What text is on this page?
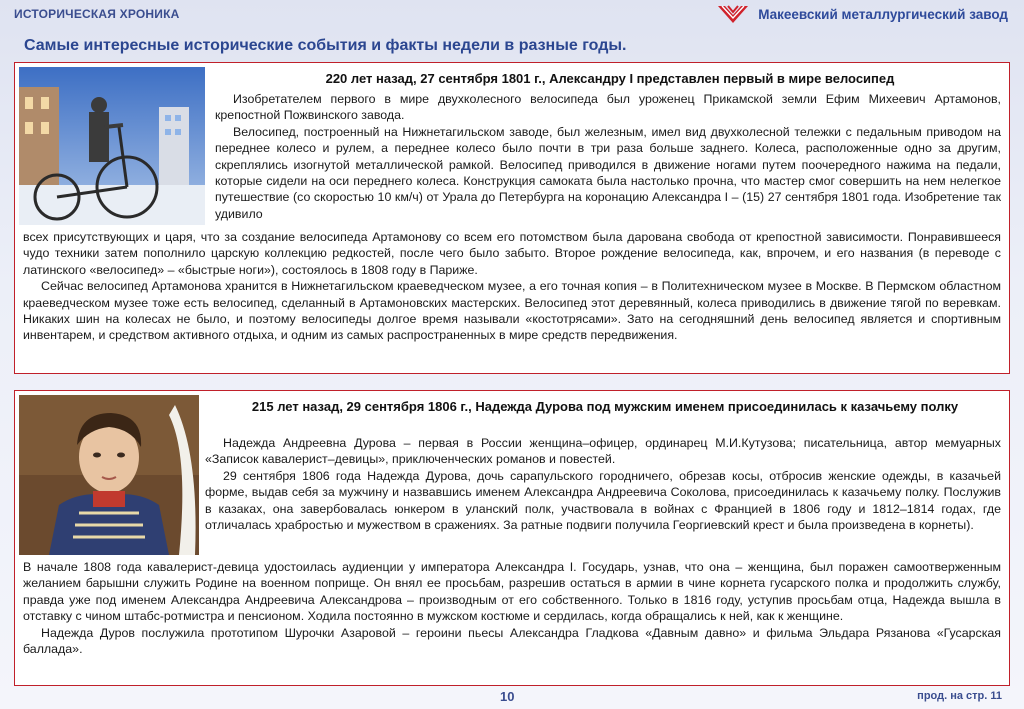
ИСТОРИЧЕСКАЯ ХРОНИКА	Макеевский металлургический завод
Самые интересные исторические события и факты недели в разные годы.
220 лет назад, 27 сентября 1801 г., Александру I представлен первый в мире велосипед

Изобретателем первого в мире двухколесного велосипеда был уроженец Прикамской земли Ефим Михеевич Артамонов, крепостной Пожвинского завода.

Велосипед, построенный на Нижнетагильском заводе, был железным, имел вид двухколесной тележки с педальным приводом на переднее колесо и рулем, а переднее колесо было почти в три раза больше заднего. Колеса, расположенные одно за другим, скреплялись изогнутой металлической рамкой. Велосипед приводился в движение ногами путем поочередного нажима на педали, которые сидели на оси переднего колеса. Конструкция самоката была настолько прочна, что мастер смог совершить на нем нелегкое путешествие (со скоростью 10 км/ч) от Урала до Петербурга на коронацию Александра I – (15) 27 сентября 1801 года. Изобретение так удивило

всех присутствующих и царя, что за создание велосипеда Артамонову со всем его потомством была дарована свобода от крепостной зависимости. Понравившееся чудо техники затем пополнило царскую коллекцию редкостей, после чего было забыто. Второе рождение велосипеда, как, впрочем, и его названия (в переводе с латинского «велосипед» – «быстрые ноги»), состоялось в 1808 году в Париже.

Сейчас велосипед Артамонова хранится в Нижнетагильском краеведческом музее, а его точная копия – в Политехническом музее в Москве. В Пермском областном краеведческом музее тоже есть велосипед, сделанный в Артамоновских мастерских. Велосипед этот деревянный, колеса приводились в движение тягой по веревкам. Никаких шин на колесах не было, и поэтому велосипеды долгое время называли «костотрясами». Зато на сегодняшний день велосипед является и спортивным инвентарем, и средством активного отдыха, и одним из самых распространенных в мире средств передвижения.

215 лет назад, 29 сентября 1806 г., Надежда Дурова под мужским именем присоединилась к казачьему полку

Надежда Андреевна Дурова – первая в России женщина–офицер, ординарец М.И.Кутузова; писательница, автор мемуарных «Записок кавалерист–девицы», приключенческих романов и повестей.

29 сентября 1806 года Надежда Дурова, дочь сарапульского городничего, обрезав косы, отбросив женские одежды, в казачьей форме, выдав себя за мужчину и назвавшись именем Александра Андреевича Соколова, присоединилась к казачьему полку. Послужив в казаках, она завербовалась юнкером в уланский полк, участвовала в войнах с Францией в 1806 году и 1812–1814 годах, где отличалась храбростью и мужеством в сражениях. За ратные подвиги получила Георгиевский крест и была произведена в корнеты).

В начале 1808 года кавалерист-девица удостоилась аудиенции у императора Александра I. Государь, узнав, что она – женщина, был поражен самоотверженным желанием барышни служить Родине на военном поприще. Он внял ее просьбам, разрешив остаться в армии в чине корнета гусарского полка и продолжить службу, правда уже под именем Александра Андреевича Александрова – производным от его собственного. Только в 1816 году, уступив просьбам отца, Надежда вышла в отставку с чином штабс-ротмистра и пенсионом. Ходила постоянно в мужском костюме и сердилась, когда обращались к ней, как к женщине.

Надежда Дуров послужила прототипом Шурочки Азаровой – героини пьесы Александра Гладкова «Давным давно» и фильма Эльдара Рязанова «Гусарская баллада».

10	прод. на стр. 11
